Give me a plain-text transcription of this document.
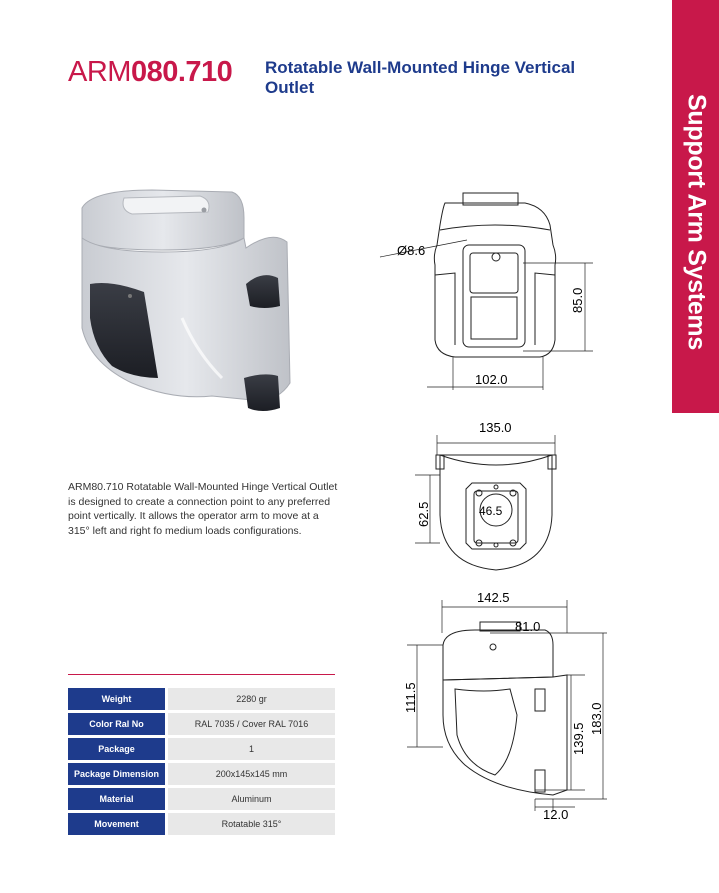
ARM080.710 Rotatable Wall-Mounted Hinge Vertical Outlet
Support Arm Systems
Ø8.6
85.0
102.0
135.0
62.5	46.5
142.5
81.0
111.5
139.5
183.0
12.0
ARM80.710 Rotatable Wall-Mounted Hinge Vertical Outlet is designed to create a connection point to any preferred point vertically. It allows the operator arm to move at a 315° left and right fo medium loads configurations.
Weight	2280 gr
Color Ral No	RAL 7035 / Cover RAL 7016
Package	1
Package Dimension	200x145x145 mm
Material	Aluminum
Movement	Rotatable 315°
